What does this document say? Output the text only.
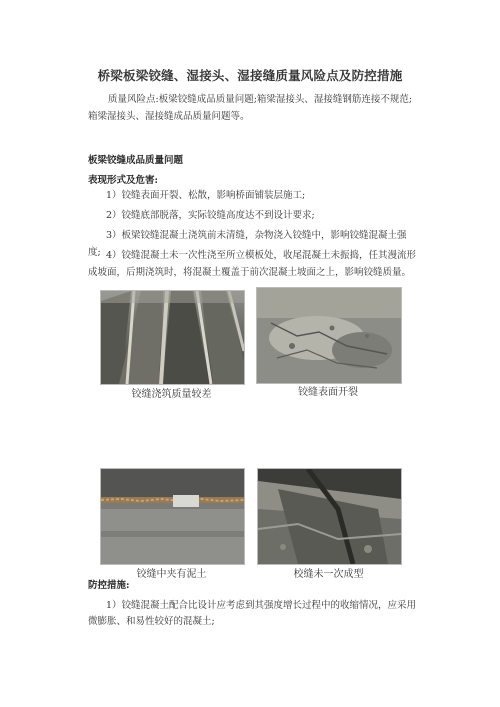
桥梁板梁铰缝、湿接头、湿接缝质量风险点及防控措施
质量风险点:板梁铰缝成品质量问题;箱梁湿接头、湿接缝钢筋连接不规范;
箱梁湿接头、湿接缝成品质量问题等。
板梁铰缝成品质量问题
表现形式及危害:
1）铰缝表面开裂、松散，影响桥面铺装层施工;
2）铰缝底部脱落，实际铰缝高度达不到设计要求;
3）板梁铰缝混凝土浇筑前未清缝，杂物浇入铰缝中，影响铰缝混凝土强度; 4）铰缝混凝土未一次性浇至所立模板处，收尾混凝土未振捣，任其漫流形
成坡面，后期浇筑时，将混凝土覆盖于前次混凝土坡面之上，影响铰缝质量。
铰缝浇筑质量较差	铰缝表面开裂
铰缝中夹有泥土	校缝未一次成型
防控措施:
1）铰缝混凝土配合比设计应考虑到其强度增长过程中的收缩情况，应采用
微膨胀、和易性较好的混凝土;
